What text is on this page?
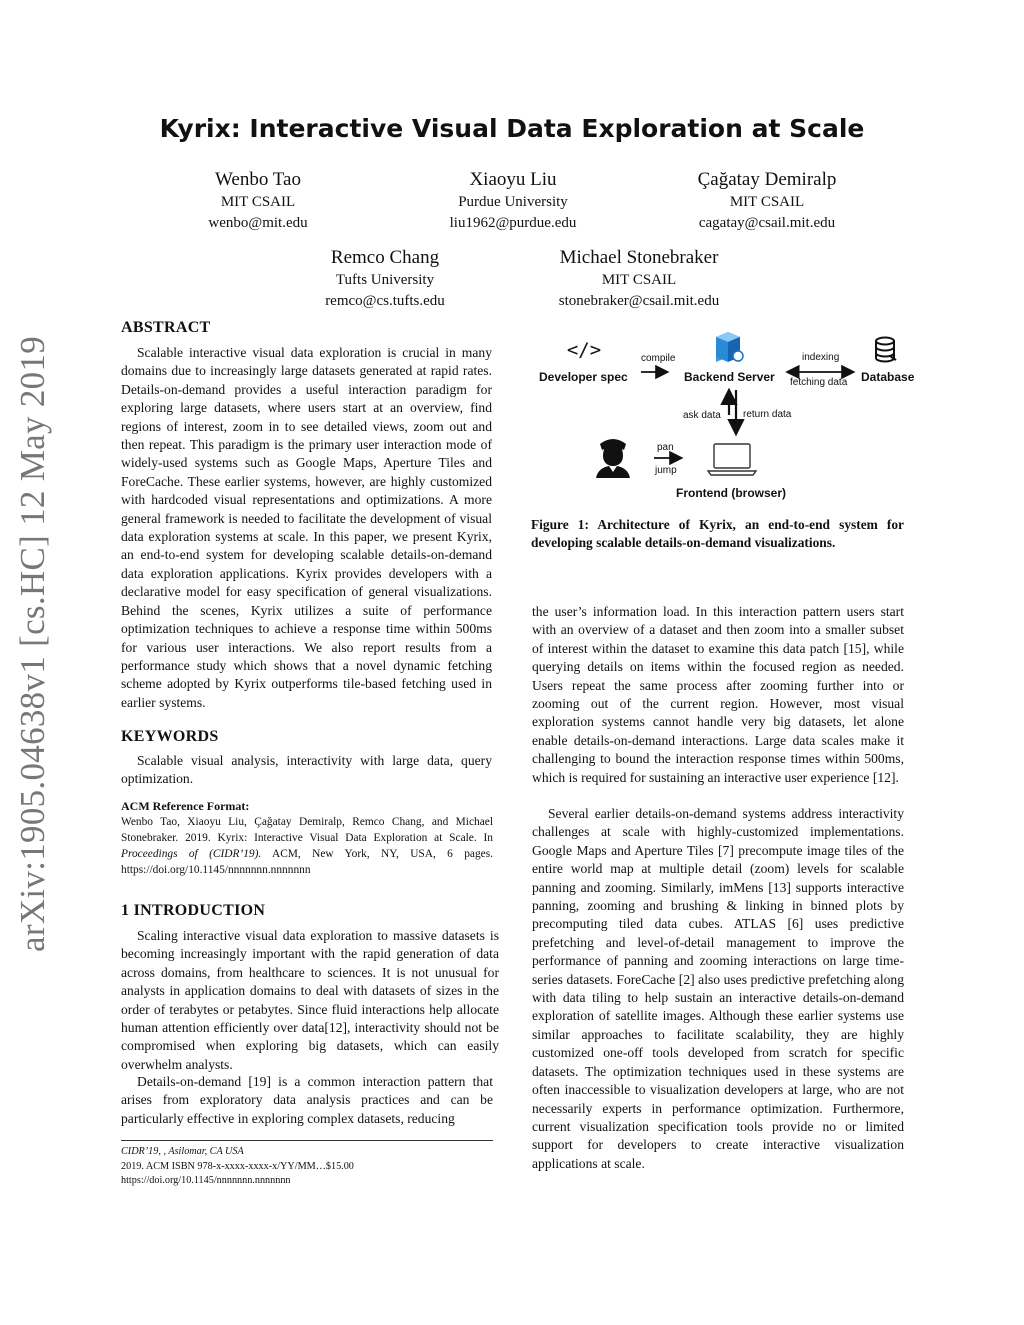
arXiv:1905.04638v1 [cs.HC] 12 May 2019
Kyrix: Interactive Visual Data Exploration at Scale
Wenbo Tao
MIT CSAIL
wenbo@mit.edu
Xiaoyu Liu
Purdue University
liu1962@purdue.edu
Çağatay Demiralp
MIT CSAIL
cagatay@csail.mit.edu
Remco Chang
Tufts University
remco@cs.tufts.edu
Michael Stonebraker
MIT CSAIL
stonebraker@csail.mit.edu
ABSTRACT

Scalable interactive visual data exploration is crucial in many domains due to increasingly large datasets generated at rapid rates. Details-on-demand provides a useful interaction paradigm for exploring large datasets, where users start at an overview, find regions of interest, zoom in to see detailed views, zoom out and then repeat. This paradigm is the primary user interaction mode of widely-used systems such as Google Maps, Aperture Tiles and ForeCache. These earlier systems, however, are highly customized with hardcoded visual representations and optimizations. A more general framework is needed to facilitate the development of visual data exploration systems at scale. In this paper, we present Kyrix, an end-to-end system for developing scalable details-on-demand data exploration applications. Kyrix provides developers with a declarative model for easy specification of general visualizations. Behind the scenes, Kyrix utilizes a suite of performance optimization techniques to achieve a response time within 500ms for various user interactions. We also report results from a performance study which shows that a novel dynamic fetching scheme adopted by Kyrix outperforms tile-based fetching used in earlier systems.

KEYWORDS

Scalable visual analysis, interactivity with large data, query optimization.

ACM Reference Format:
Wenbo Tao, Xiaoyu Liu, Çağatay Demiralp, Remco Chang, and Michael Stonebraker. 2019. Kyrix: Interactive Visual Data Exploration at Scale. In Proceedings of (CIDR’19). ACM, New York, NY, USA, 6 pages. https://doi.org/10.1145/nnnnnnn.nnnnnnn
1 INTRODUCTION

Scaling interactive visual data exploration to massive datasets is becoming increasingly important with the rapid generation of data across domains, from healthcare to sciences. It is not unusual for analysts in application domains to deal with datasets of sizes in the order of terabytes or petabytes. Since fluid interactions help allocate human attention efficiently over data[12], interactivity should not be compromised when exploring big datasets, which can easily overwhelm analysts.

Details-on-demand [19] is a common interaction pattern that arises from exploratory data analysis practices and can be particularly effective in exploring complex datasets, reducing

CIDR’19, , Asilomar, CA USA
2019. ACM ISBN 978-x-xxxx-xxxx-x/YY/MM…$15.00
https://doi.org/10.1145/nnnnnnn.nnnnnnn
</>
Developer spec
compile
Backend Server
indexing
fetching data Database
ask data return data
pan
jump
Frontend (browser)
Figure 1: Architecture of Kyrix, an end-to-end system for developing scalable details-on-demand visualizations.

the user’s information load. In this interaction pattern users start with an overview of a dataset and then zoom into a smaller subset of interest within the dataset to examine this data patch [15], while querying details on items within the focused region as needed. Users repeat the same process after zooming further into or zooming out of the current region. However, most visual exploration systems cannot handle very big datasets, let alone enable details-on-demand interactions. Large data scales make it challenging to bound the interaction response times within 500ms, which is required for sustaining an interactive user experience [12].

Several earlier details-on-demand systems address interactivity challenges at scale with highly-customized implementations. Google Maps and Aperture Tiles [7] precompute image tiles of the entire world map at multiple detail (zoom) levels for scalable panning and zooming. Similarly, imMens [13] supports interactive panning, zooming and brushing & linking in binned plots by precomputing tiled data cubes. ATLAS [6] uses predictive prefetching and level-of-detail management to improve the performance of panning and zooming interactions on large time-series datasets. ForeCache [2] also uses predictive prefetching along with data tiling to help sustain an interactive details-on-demand exploration of satellite images. Although these earlier systems use similar approaches to facilitate scalability, they are highly customized one-off tools developed from scratch for specific datasets. The optimization techniques used in these systems are often inaccessible to visualization developers at large, who are not necessarily experts in performance optimization. Furthermore, current visualization specification tools provide no or limited support for developers to create interactive visualization applications at scale.
